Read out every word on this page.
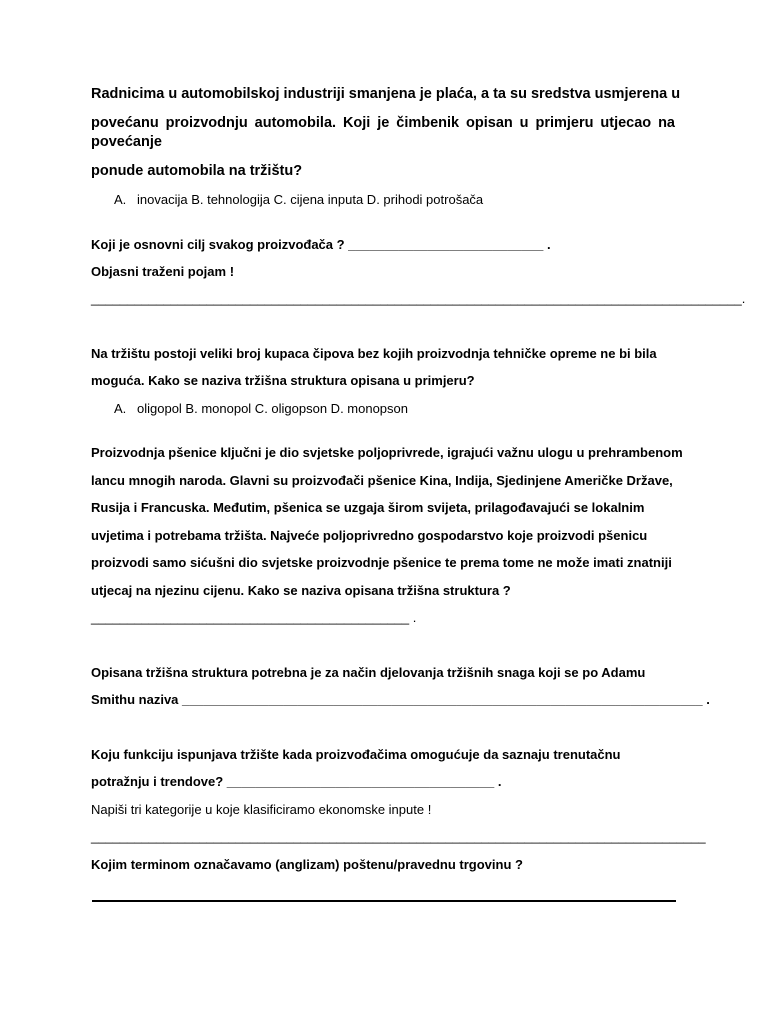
Radnicima u automobilskoj industriji smanjena je plaća, a ta su sredstva usmjerena u
povećanu proizvodnju automobila. Koji je čimbenik opisan u primjeru utjecao na
povećanje
ponude automobila na tržištu?
A. inovacija B. tehnologija C. cijena inputa D. prihodi potrošača
Koji je osnovni cilj svakog proizvođača ? ___________________________ .
Objasni traženi pojam !
__________________________________________________________________________________________.
Na tržištu postoji veliki broj kupaca čipova bez kojih proizvodnja tehničke opreme ne bi bila
moguća. Kako se naziva tržišna struktura opisana u primjeru?
A. oligopol B. monopol C. oligopson D. monopson
Proizvodnja pšenice ključni je dio svjetske poljoprivrede, igrajući važnu ulogu u prehrambenom
lancu mnogih naroda. Glavni su proizvođači pšenice Kina, Indija, Sjedinjene Američke Države,
Rusija i Francuska. Međutim, pšenica se uzgaja širom svijeta, prilagođavajući se lokalnim
uvjetima i potrebama tržišta. Najveće poljoprivredno gospodarstvo koje proizvodi pšenicu
proizvodi samo sićušni dio svjetske proizvodnje pšenice te prema tome ne može imati znatniji
utjecaj na njezinu cijenu. Kako se naziva opisana tržišna struktura ?
____________________________________________ .
Opisana tržišna struktura potrebna je za način djelovanja tržišnih snaga koji se po Adamu
Smithu naziva ________________________________________________________________________ .
Koju funkciju ispunjava tržište kada proizvođačima omogućuje da saznaju trenutačnu
potražnju i trendove? _____________________________________ .
Napiši tri kategorije u koje klasificiramo ekonomske inpute !
_____________________________________________________________________________________
Kojim terminom označavamo (anglizam) poštenu/pravednu trgovinu ?
